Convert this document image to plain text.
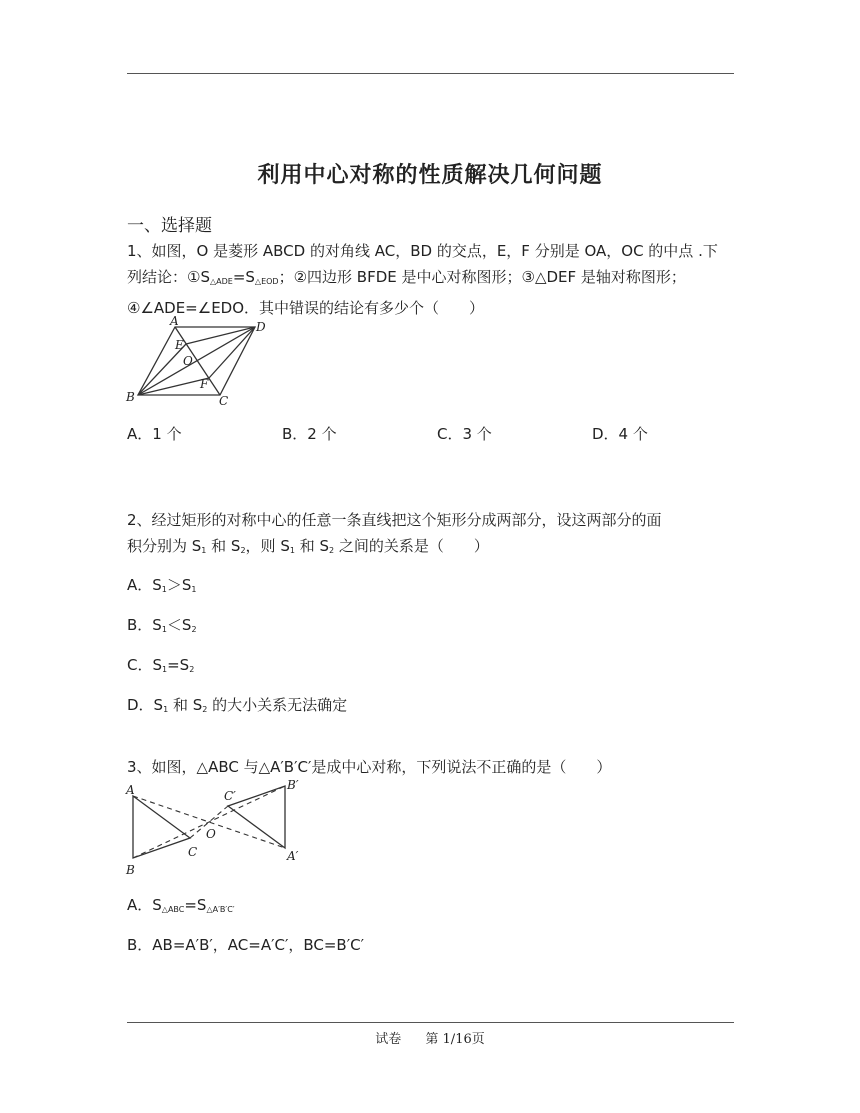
利用中心对称的性质解决几何问题
一、选择题
1、如图，O 是菱形 ABCD 的对角线 AC，BD 的交点，E，F 分别是 OA，OC 的中点 .下
列结论：$①S_{\triangle ADE}=S_{\triangle EOD}$；②四边形 BFDE 是中心对称图形；③△DEF 是轴对称图形；
④∠ADE=∠EDO．其中错误的结论有多少个（　　）
A	D
E
O
F
B	C
A．1 个	B．2 个	C．3 个	D．4 个
2、经过矩形的对称中心的任意一条直线把这个矩形分成两部分，设这两部分的面
积分别为 $S_1$ 和 $S_2$，则 $S_1$ 和 $S_2$ 之间的关系是（　　）
A．$S_1>S_1$
B．$S_1<S_2$
C．$S_1=S_2$
D．$S_1$ 和 $S_2$ 的大小关系无法确定
3、如图，△ABC 与△A′B′C′是成中心对称，下列说法不正确的是（　　）
A
B
C
O
C′
B′
A′
A．$S_{\triangle ABC}=S_{\triangle A'B'C'}$
B．AB=A′B′，AC=A′C′，BC=B′C′
试卷 第 1/16页
